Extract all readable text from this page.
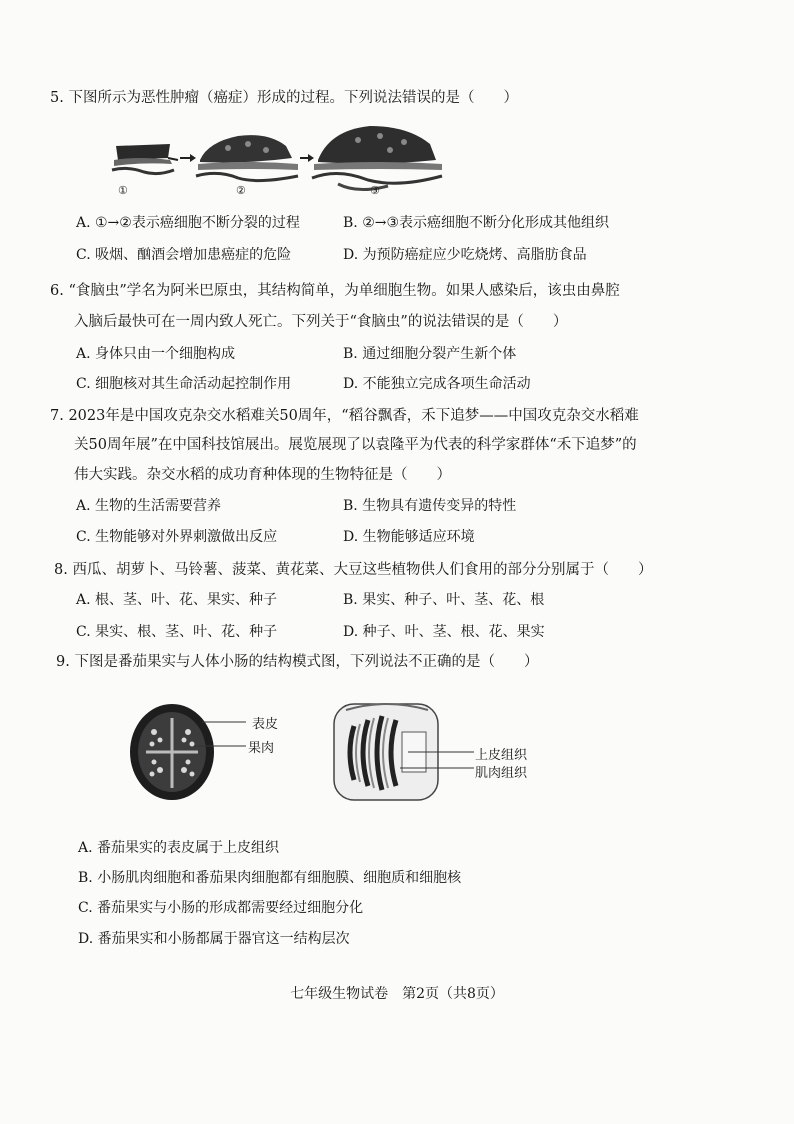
5. 下图所示为恶性肿瘤（癌症）形成的过程。下列说法错误的是（　　）
①	②	③
A. ①→②表示癌细胞不断分裂的过程	B. ②→③表示癌细胞不断分化形成其他组织
C. 吸烟、酗酒会增加患癌症的危险	D. 为预防癌症应少吃烧烤、高脂肪食品
6. “食脑虫”学名为阿米巴原虫，其结构简单，为单细胞生物。如果人感染后，该虫由鼻腔
入脑后最快可在一周内致人死亡。下列关于“食脑虫”的说法错误的是（　　）
A. 身体只由一个细胞构成	B. 通过细胞分裂产生新个体
C. 细胞核对其生命活动起控制作用	D. 不能独立完成各项生命活动
7. 2023年是中国攻克杂交水稻难关50周年，“稻谷飘香，禾下追梦——中国攻克杂交水稻难
关50周年展”在中国科技馆展出。展览展现了以袁隆平为代表的科学家群体“禾下追梦”的
伟大实践。杂交水稻的成功育种体现的生物特征是（　　）
A. 生物的生活需要营养	B. 生物具有遗传变异的特性
C. 生物能够对外界刺激做出反应	D. 生物能够适应环境
8. 西瓜、胡萝卜、马铃薯、菠菜、黄花菜、大豆这些植物供人们食用的部分分别属于（　　）
A. 根、茎、叶、花、果实、种子	B. 果实、种子、叶、茎、花、根
C. 果实、根、茎、叶、花、种子	D. 种子、叶、茎、根、花、果实
9. 下图是番茄果实与人体小肠的结构模式图，下列说法不正确的是（　　）
表皮
果肉	上皮组织
肌肉组织
A. 番茄果实的表皮属于上皮组织
B. 小肠肌肉细胞和番茄果肉细胞都有细胞膜、细胞质和细胞核
C. 番茄果实与小肠的形成都需要经过细胞分化
D. 番茄果实和小肠都属于器官这一结构层次
七年级生物试卷　第2页（共8页）
